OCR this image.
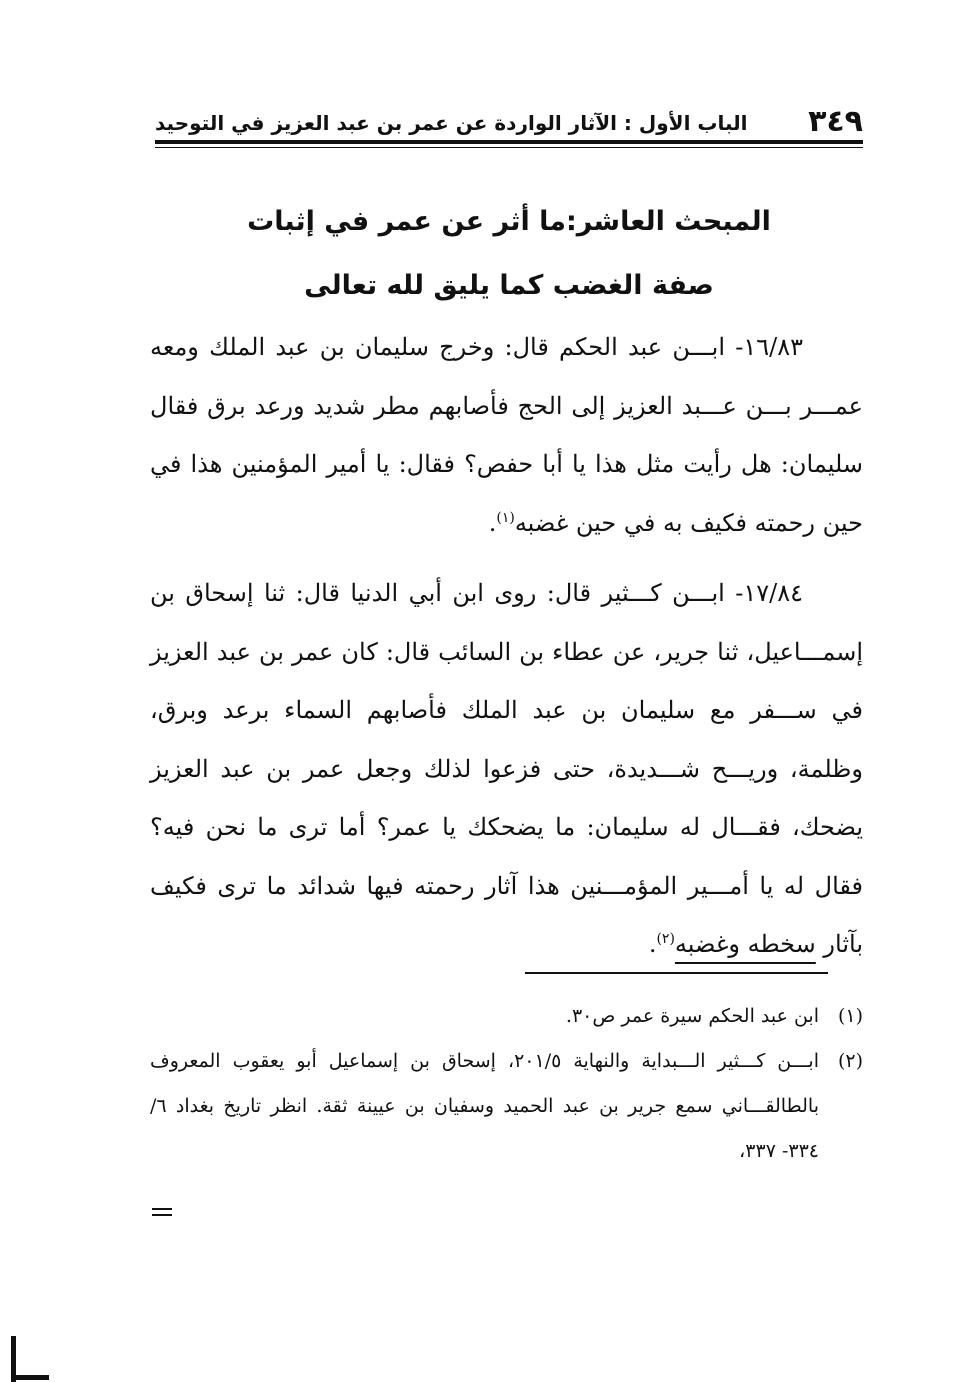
٣٤٩
الباب الأول : الآثار الواردة عن عمر بن عبد العزيز في التوحيد
المبحث العاشر:ما أثر عن عمر في إثبات
صفة الغضب كما يليق لله تعالى

١٦/٨٣- ابـــن عبد الحكم قال: وخرج سليمان بن عبد الملك ومعه عمـــر بـــن عـــبد العزيز إلى الحج فأصابهم مطر شديد ورعد برق فقال سليمان: هل رأيت مثل هذا يا أبا حفص؟ فقال: يا أمير المؤمنين هذا في حين رحمته فكيف به في حين غضبه$^{(١)}$.

١٧/٨٤- ابـــن كـــثير قال: روى ابن أبي الدنيا قال: ثنا إسحاق بن إسمـــاعيل، ثنا جرير، عن عطاء بن السائب قال: كان عمر بن عبد العزيز في ســـفر مع سليمان بن عبد الملك فأصابهم السماء برعد وبرق، وظلمة، وريـــح شـــديدة، حتى فزعوا لذلك وجعل عمر بن عبد العزيز يضحك، فقـــال له سليمان: ما يضحكك يا عمر؟ أما ترى ما نحن فيه؟ فقال له يا أمـــير المؤمـــنين هذا آثار رحمته فيها شدائد ما ترى فكيف بآثار سخطه وغضبه$^{(٢)}$.

(١)
ابن عبد الحكم سيرة عمر ص٣٠.
(٢)
ابـــن كـــثير الـــبداية والنهاية ٢٠١/٥، إسحاق بن إسماعيل أبو يعقوب المعروف بالطالقـــاني سمع جرير بن عبد الحميد وسفيان بن عيينة ثقة. انظر تاريخ بغداد ٦/ ٣٣٤- ٣٣٧،
